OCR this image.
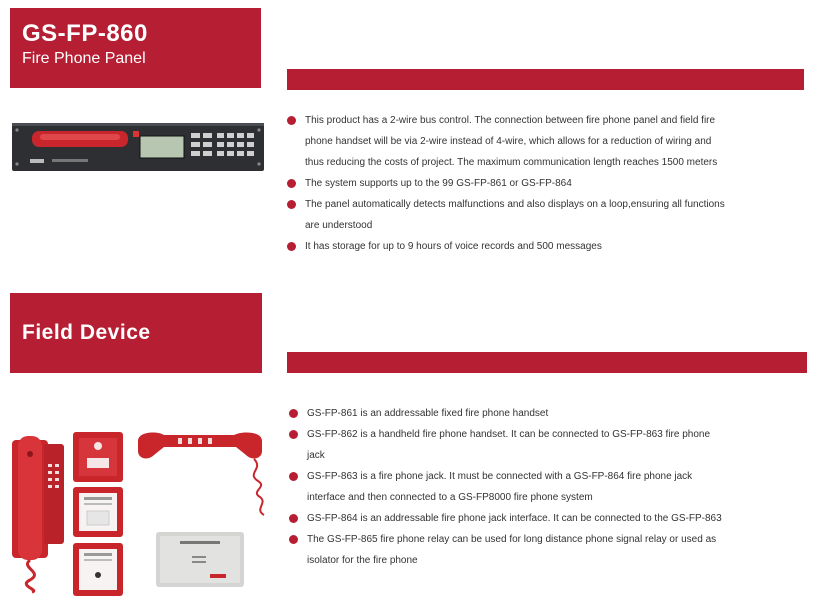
GS-FP-860
Fire Phone Panel
This product has a 2-wire bus control. The connection between fire phone panel and field fire phone handset will be via 2-wire instead of 4-wire, which allows for a reduction of wiring and thus reducing the costs of project. The maximum communication length reaches 1500 meters
The system supports up to the 99 GS-FP-861 or GS-FP-864
The panel automatically detects malfunctions and also displays on a loop,ensuring all functions are understood
It has storage for up to 9 hours of voice records and 500 messages
Field Device
GS-FP-861 is an addressable fixed fire phone handset
GS-FP-862 is a handheld fire phone handset. It can be connected to GS-FP-863 fire phone jack
GS-FP-863 is a fire phone jack. It must be connected with a GS-FP-864 fire phone jack interface and then connected to a GS-FP8000 fire phone system
GS-FP-864 is an addressable fire phone jack interface. It can be connected to the GS-FP-863
The GS-FP-865 fire phone relay can be used for long distance phone signal relay or used as isolator for the fire phone
